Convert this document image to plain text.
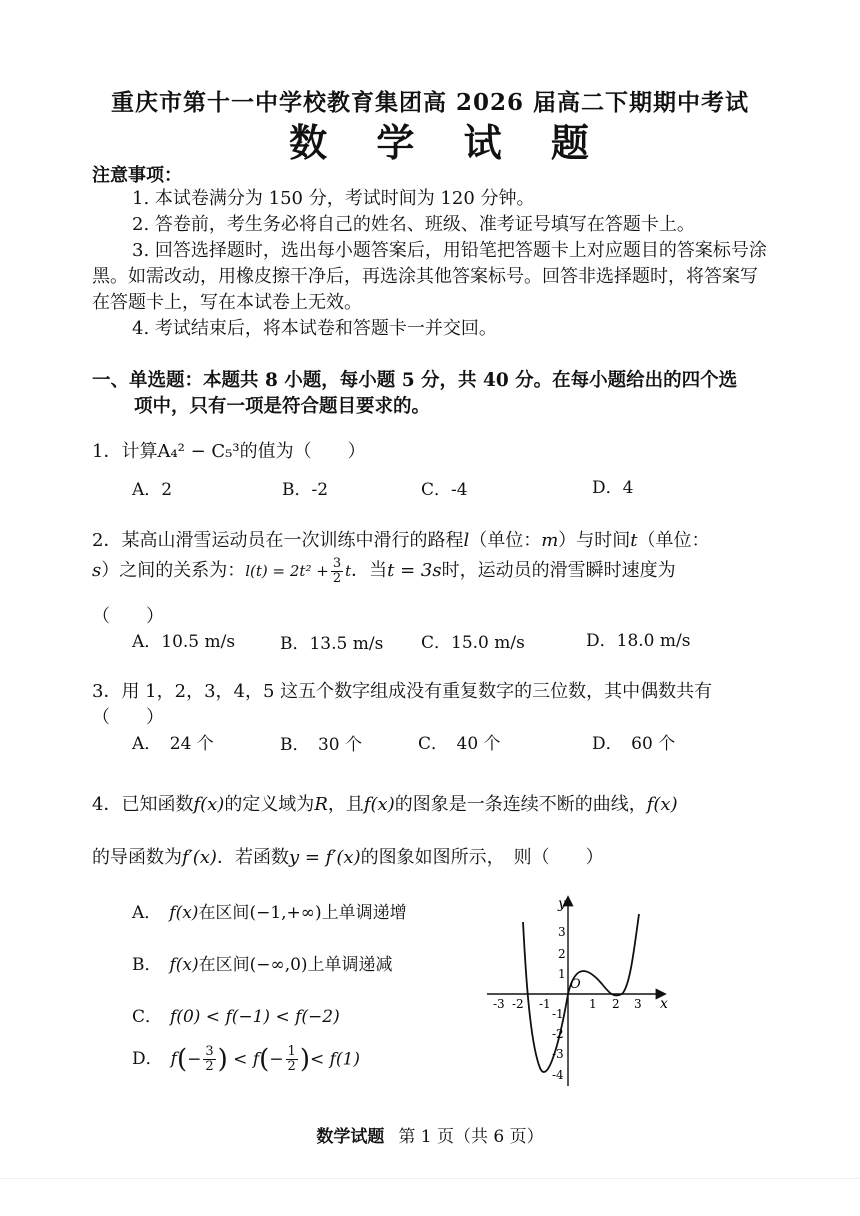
重庆市第十一中学校教育集团高 2026 届高二下期期中考试
数 学 试 题
注意事项：
1. 本试卷满分为 150 分，考试时间为 120 分钟。
2. 答卷前，考生务必将自己的姓名、班级、准考证号填写在答题卡上。
3. 回答选择题时，选出每小题答案后，用铅笔把答题卡上对应题目的答案标号涂黑。如需改动，用橡皮擦干净后，再选涂其他答案标号。回答非选择题时，将答案写在答题卡上，写在本试卷上无效。
4. 考试结束后，将本试卷和答题卡一并交回。
一、单选题：本题共 8 小题，每小题 5 分，共 40 分。在每小题给出的四个选
项中，只有一项是符合题目要求的。
1．计算A₄² − C₅³的值为（　　）
A．2	B．-2	C．-4	D．4
2．某高山滑雪运动员在一次训练中滑行的路程l（单位：m）与时间t（单位：
s）之间的关系为：$l(t) = 2t^2 + \frac{3}{2}$ t．当t = 3s时，运动员的滑雪瞬时速度为
（　　）
A．10.5 m/s	B．13.5 m/s C．15.0 m/s	D．18.0 m/s
3．用 1，2，3，4，5 这五个数字组成没有重复数字的三位数，其中偶数共有
（　　）
A．　24 个	B．　30 个	C．　40 个	D．　60 个
4．已知函数f(x)的定义域为R，且f(x)的图象是一条连续不断的曲线，f(x)
的导函数为f′(x)．若函数y = f′(x)的图象如图所示，　则（　　）
A． f(x)在区间(−1,+∞)上单调递增
B． f(x)在区间(−∞,0)上单调递减
C． f(0) < f(−1) < f(−2)
D． $f(- \frac{3}{2}$ ) < $f(- \frac{1}{2}$ )< f(1)
x
y
O
-3 -2 -1	1 2 3
3
2
1
-1
-2
-3
-4
数学试题 第 1 页（共 6 页）
